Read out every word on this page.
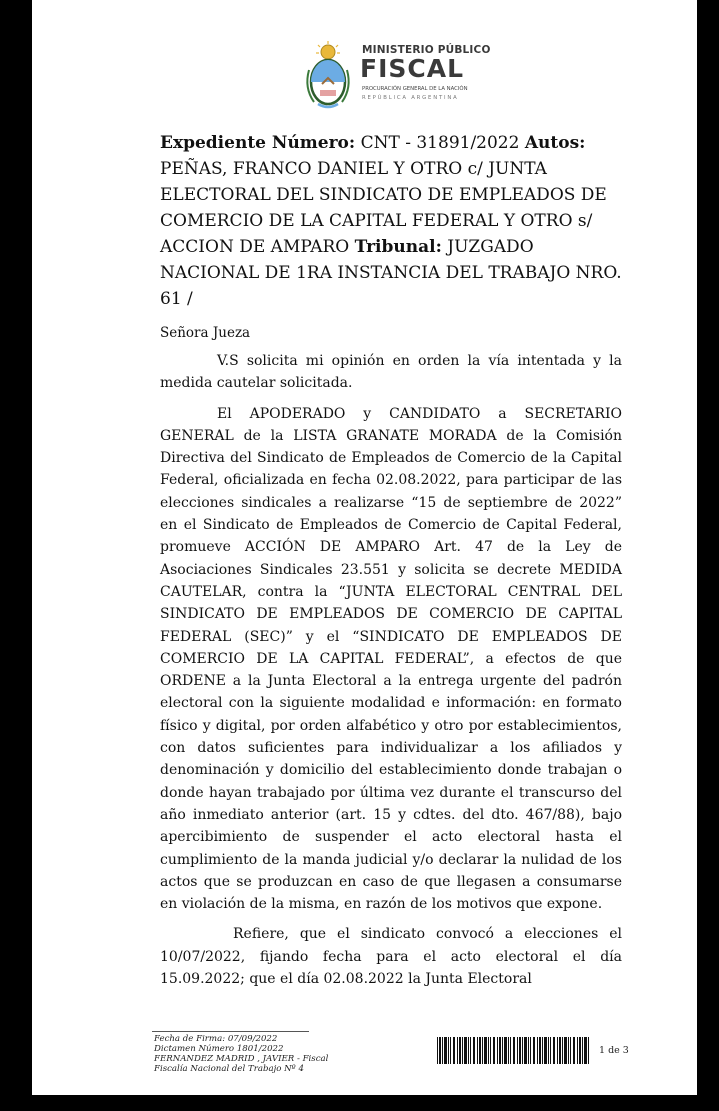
MINISTERIO PÚBLICO
FISCAL
PROCURACIÓN GENERAL DE LA NACIÓN
REPÚBLICA ARGENTINA

Expediente Número: CNT - 31891/2022 Autos: PEÑAS, FRANCO DANIEL Y OTRO c/ JUNTA ELECTORAL DEL SINDICATO DE EMPLEADOS DE COMERCIO DE LA CAPITAL FEDERAL Y OTRO s/ ACCION DE AMPARO Tribunal: JUZGADO NACIONAL DE 1RA INSTANCIA DEL TRABAJO NRO. 61 /

Señora Jueza

V.S solicita mi opinión en orden la vía intentada y la medida cautelar solicitada.

El APODERADO y CANDIDATO a SECRETARIO GENERAL de la LISTA GRANATE MORADA de la Comisión Directiva del Sindicato de Empleados de Comercio de la Capital Federal, oficializada en fecha 02.08.2022, para participar de las elecciones sindicales a realizarse “15 de septiembre de 2022” en el Sindicato de Empleados de Comercio de Capital Federal, promueve ACCIÓN DE AMPARO Art. 47 de la Ley de Asociaciones Sindicales 23.551 y solicita se decrete MEDIDA CAUTELAR, contra la “JUNTA ELECTORAL CENTRAL DEL SINDICATO DE EMPLEADOS DE COMERCIO DE CAPITAL FEDERAL (SEC)” y el “SINDICATO DE EMPLEADOS DE COMERCIO DE LA CAPITAL FEDERAL”, a efectos de que ORDENE a la Junta Electoral a la entrega urgente del padrón electoral con la siguiente modalidad e información: en formato físico y digital, por orden alfabético y otro por establecimientos, con datos suficientes para individualizar a los afiliados y denominación y domicilio del establecimiento donde trabajan o donde hayan trabajado por última vez durante el transcurso del año inmediato anterior (art. 15 y cdtes. del dto. 467/88), bajo apercibimiento de suspender el acto electoral hasta el cumplimiento de la manda judicial y/o declarar la nulidad de los actos que se produzcan en caso de que llegasen a consumarse en violación de la misma, en razón de los motivos que expone.

Refiere, que el sindicato convocó a elecciones el 10/07/2022, fijando fecha para el acto electoral el día 15.09.2022; que el día 02.08.2022 la Junta Electoral

Fecha de Firma: 07/09/2022
Dictamen Número 1801/2022
FERNANDEZ MADRID , JAVIER - Fiscal
Fiscalía Nacional del Trabajo Nº 4
1 de 3
